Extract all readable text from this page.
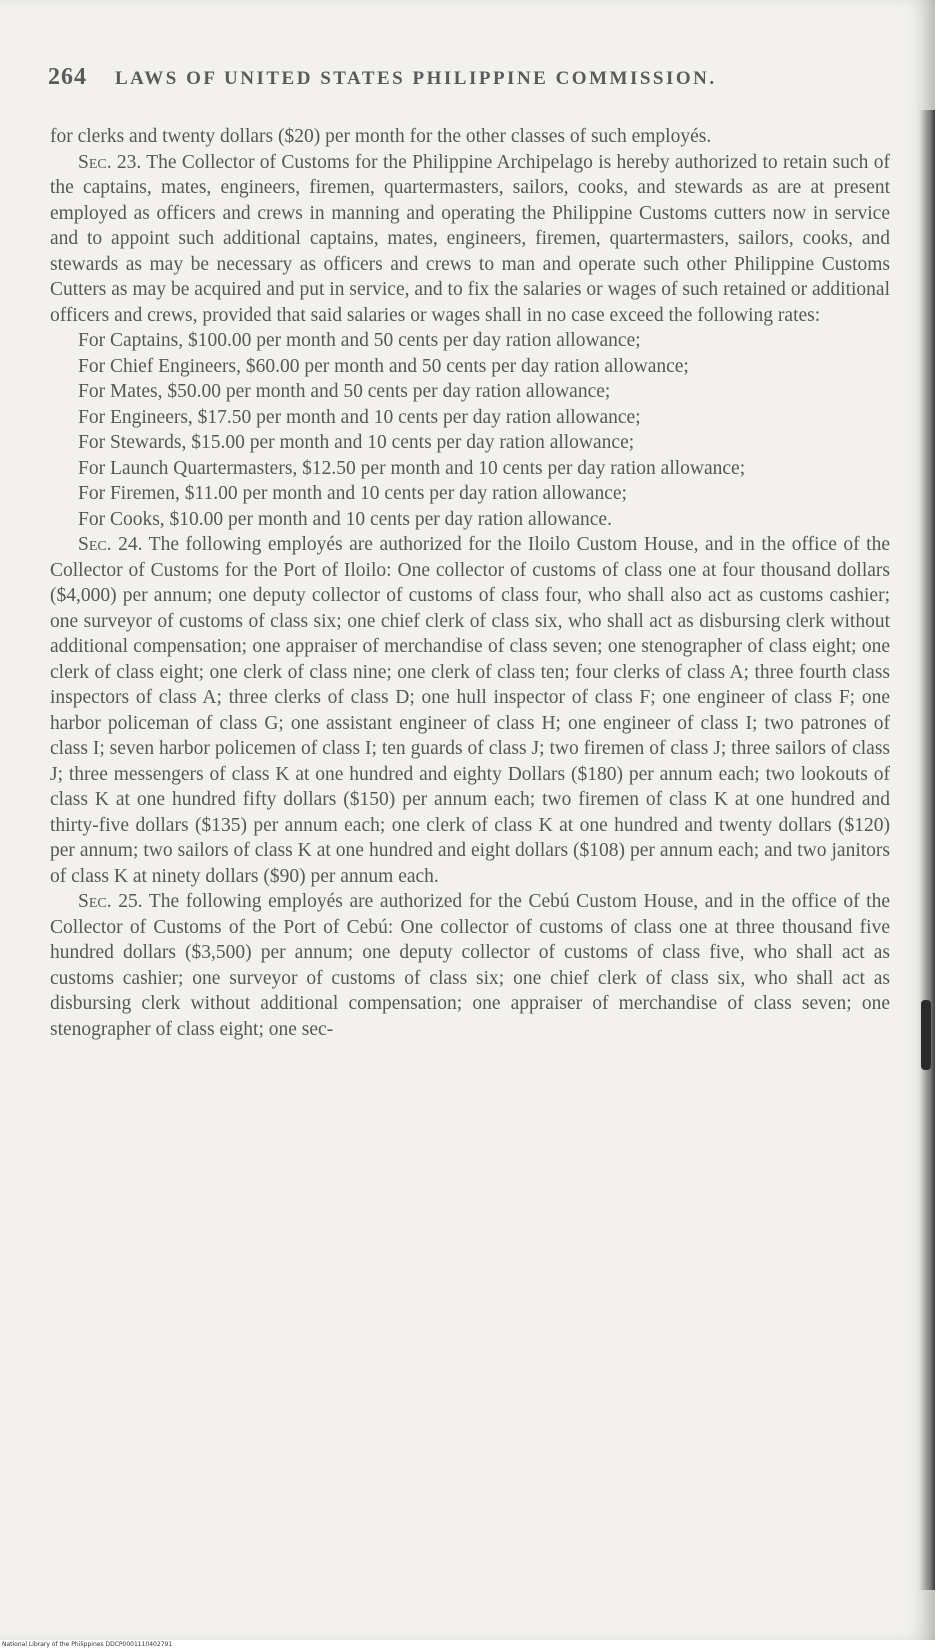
264 LAWS OF UNITED STATES PHILIPPINE COMMISSION.

for clerks and twenty dollars ($20) per month for the other classes of such employés.

Sec. 23. The Collector of Customs for the Philippine Archipelago is hereby authorized to retain such of the captains, mates, engineers, firemen, quartermasters, sailors, cooks, and stewards as are at present employed as officers and crews in manning and operating the Philippine Customs cutters now in service and to appoint such additional captains, mates, engineers, firemen, quartermasters, sailors, cooks, and stewards as may be necessary as officers and crews to man and operate such other Philippine Customs Cutters as may be acquired and put in service, and to fix the salaries or wages of such retained or additional officers and crews, provided that said salaries or wages shall in no case exceed the following rates:

For Captains, $100.00 per month and 50 cents per day ration allowance;

For Chief Engineers, $60.00 per month and 50 cents per day ration allowance;

For Mates, $50.00 per month and 50 cents per day ration allowance;

For Engineers, $17.50 per month and 10 cents per day ration allowance;

For Stewards, $15.00 per month and 10 cents per day ration allowance;

For Launch Quartermasters, $12.50 per month and 10 cents per day ration allowance;

For Firemen, $11.00 per month and 10 cents per day ration allowance;

For Cooks, $10.00 per month and 10 cents per day ration allowance.

Sec. 24. The following employés are authorized for the Iloilo Custom House, and in the office of the Collector of Customs for the Port of Iloilo: One collector of customs of class one at four thousand dollars ($4,000) per annum; one deputy collector of customs of class four, who shall also act as customs cashier; one surveyor of customs of class six; one chief clerk of class six, who shall act as disbursing clerk without additional compensation; one appraiser of merchandise of class seven; one stenographer of class eight; one clerk of class eight; one clerk of class nine; one clerk of class ten; four clerks of class A; three fourth class inspectors of class A; three clerks of class D; one hull inspector of class F; one engineer of class F; one harbor policeman of class G; one assistant engineer of class H; one engineer of class I; two patrones of class I; seven harbor policemen of class I; ten guards of class J; two firemen of class J; three sailors of class J; three messengers of class K at one hundred and eighty Dollars ($180) per annum each; two lookouts of class K at one hundred fifty dollars ($150) per annum each; two firemen of class K at one hundred and thirty-five dollars ($135) per annum each; one clerk of class K at one hundred and twenty dollars ($120) per annum; two sailors of class K at one hundred and eight dollars ($108) per annum each; and two janitors of class K at ninety dollars ($90) per annum each.

Sec. 25. The following employés are authorized for the Cebú Custom House, and in the office of the Collector of Customs of the Port of Cebú: One collector of customs of class one at three thousand five hundred dollars ($3,500) per annum; one deputy collector of customs of class five, who shall act as customs cashier; one surveyor of customs of class six; one chief clerk of class six, who shall act as disbursing clerk without additional compensation; one appraiser of merchandise of class seven; one stenographer of class eight; one sec-

National Library of the Philippines DDCP0001110402791
